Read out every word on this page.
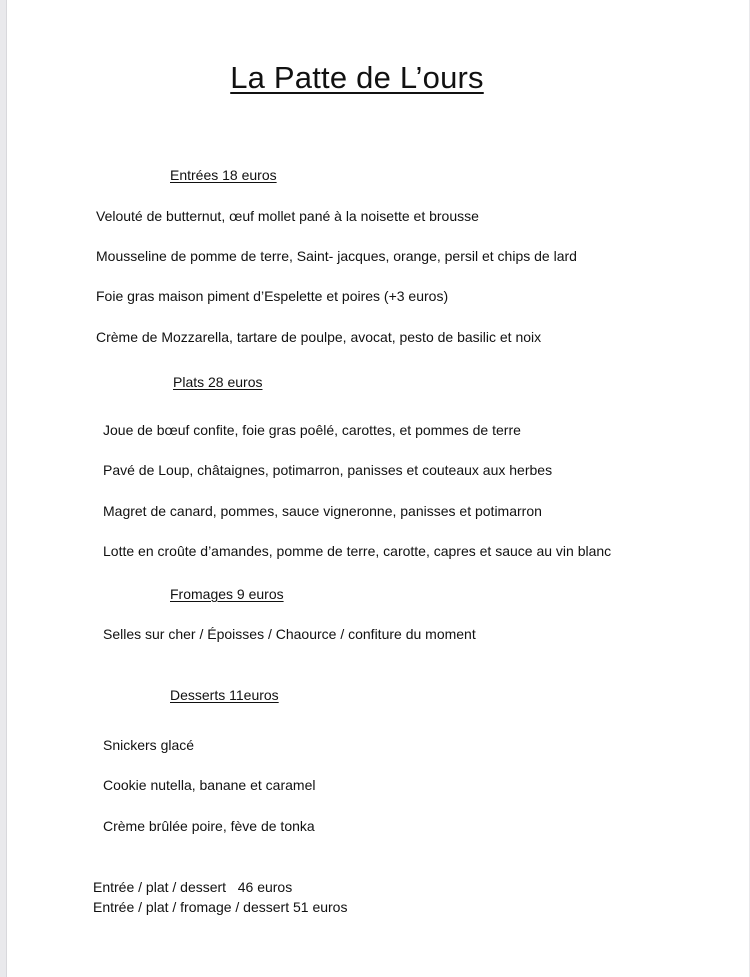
La Patte de L’ours
Entrées 18 euros
Velouté de butternut, œuf mollet pané à la noisette et brousse
Mousseline de pomme de terre, Saint- jacques, orange, persil et chips de lard
Foie gras maison piment d’Espelette et poires (+3 euros)
Crème de Mozzarella, tartare de poulpe, avocat, pesto de basilic et noix
Plats 28 euros
Joue de bœuf confite, foie gras poêlé, carottes, et pommes de terre
Pavé de Loup, châtaignes, potimarron, panisses et couteaux aux herbes
Magret de canard, pommes, sauce vigneronne, panisses et potimarron
Lotte en croûte d’amandes, pomme de terre, carotte, capres et sauce au vin blanc
Fromages 9 euros
Selles sur cher / Époisses / Chaource / confiture du moment
Desserts 11euros
Snickers glacé
Cookie nutella, banane et caramel
Crème brûlée poire, fève de tonka
Entrée / plat / dessert   46 euros
Entrée / plat / fromage / dessert 51 euros
